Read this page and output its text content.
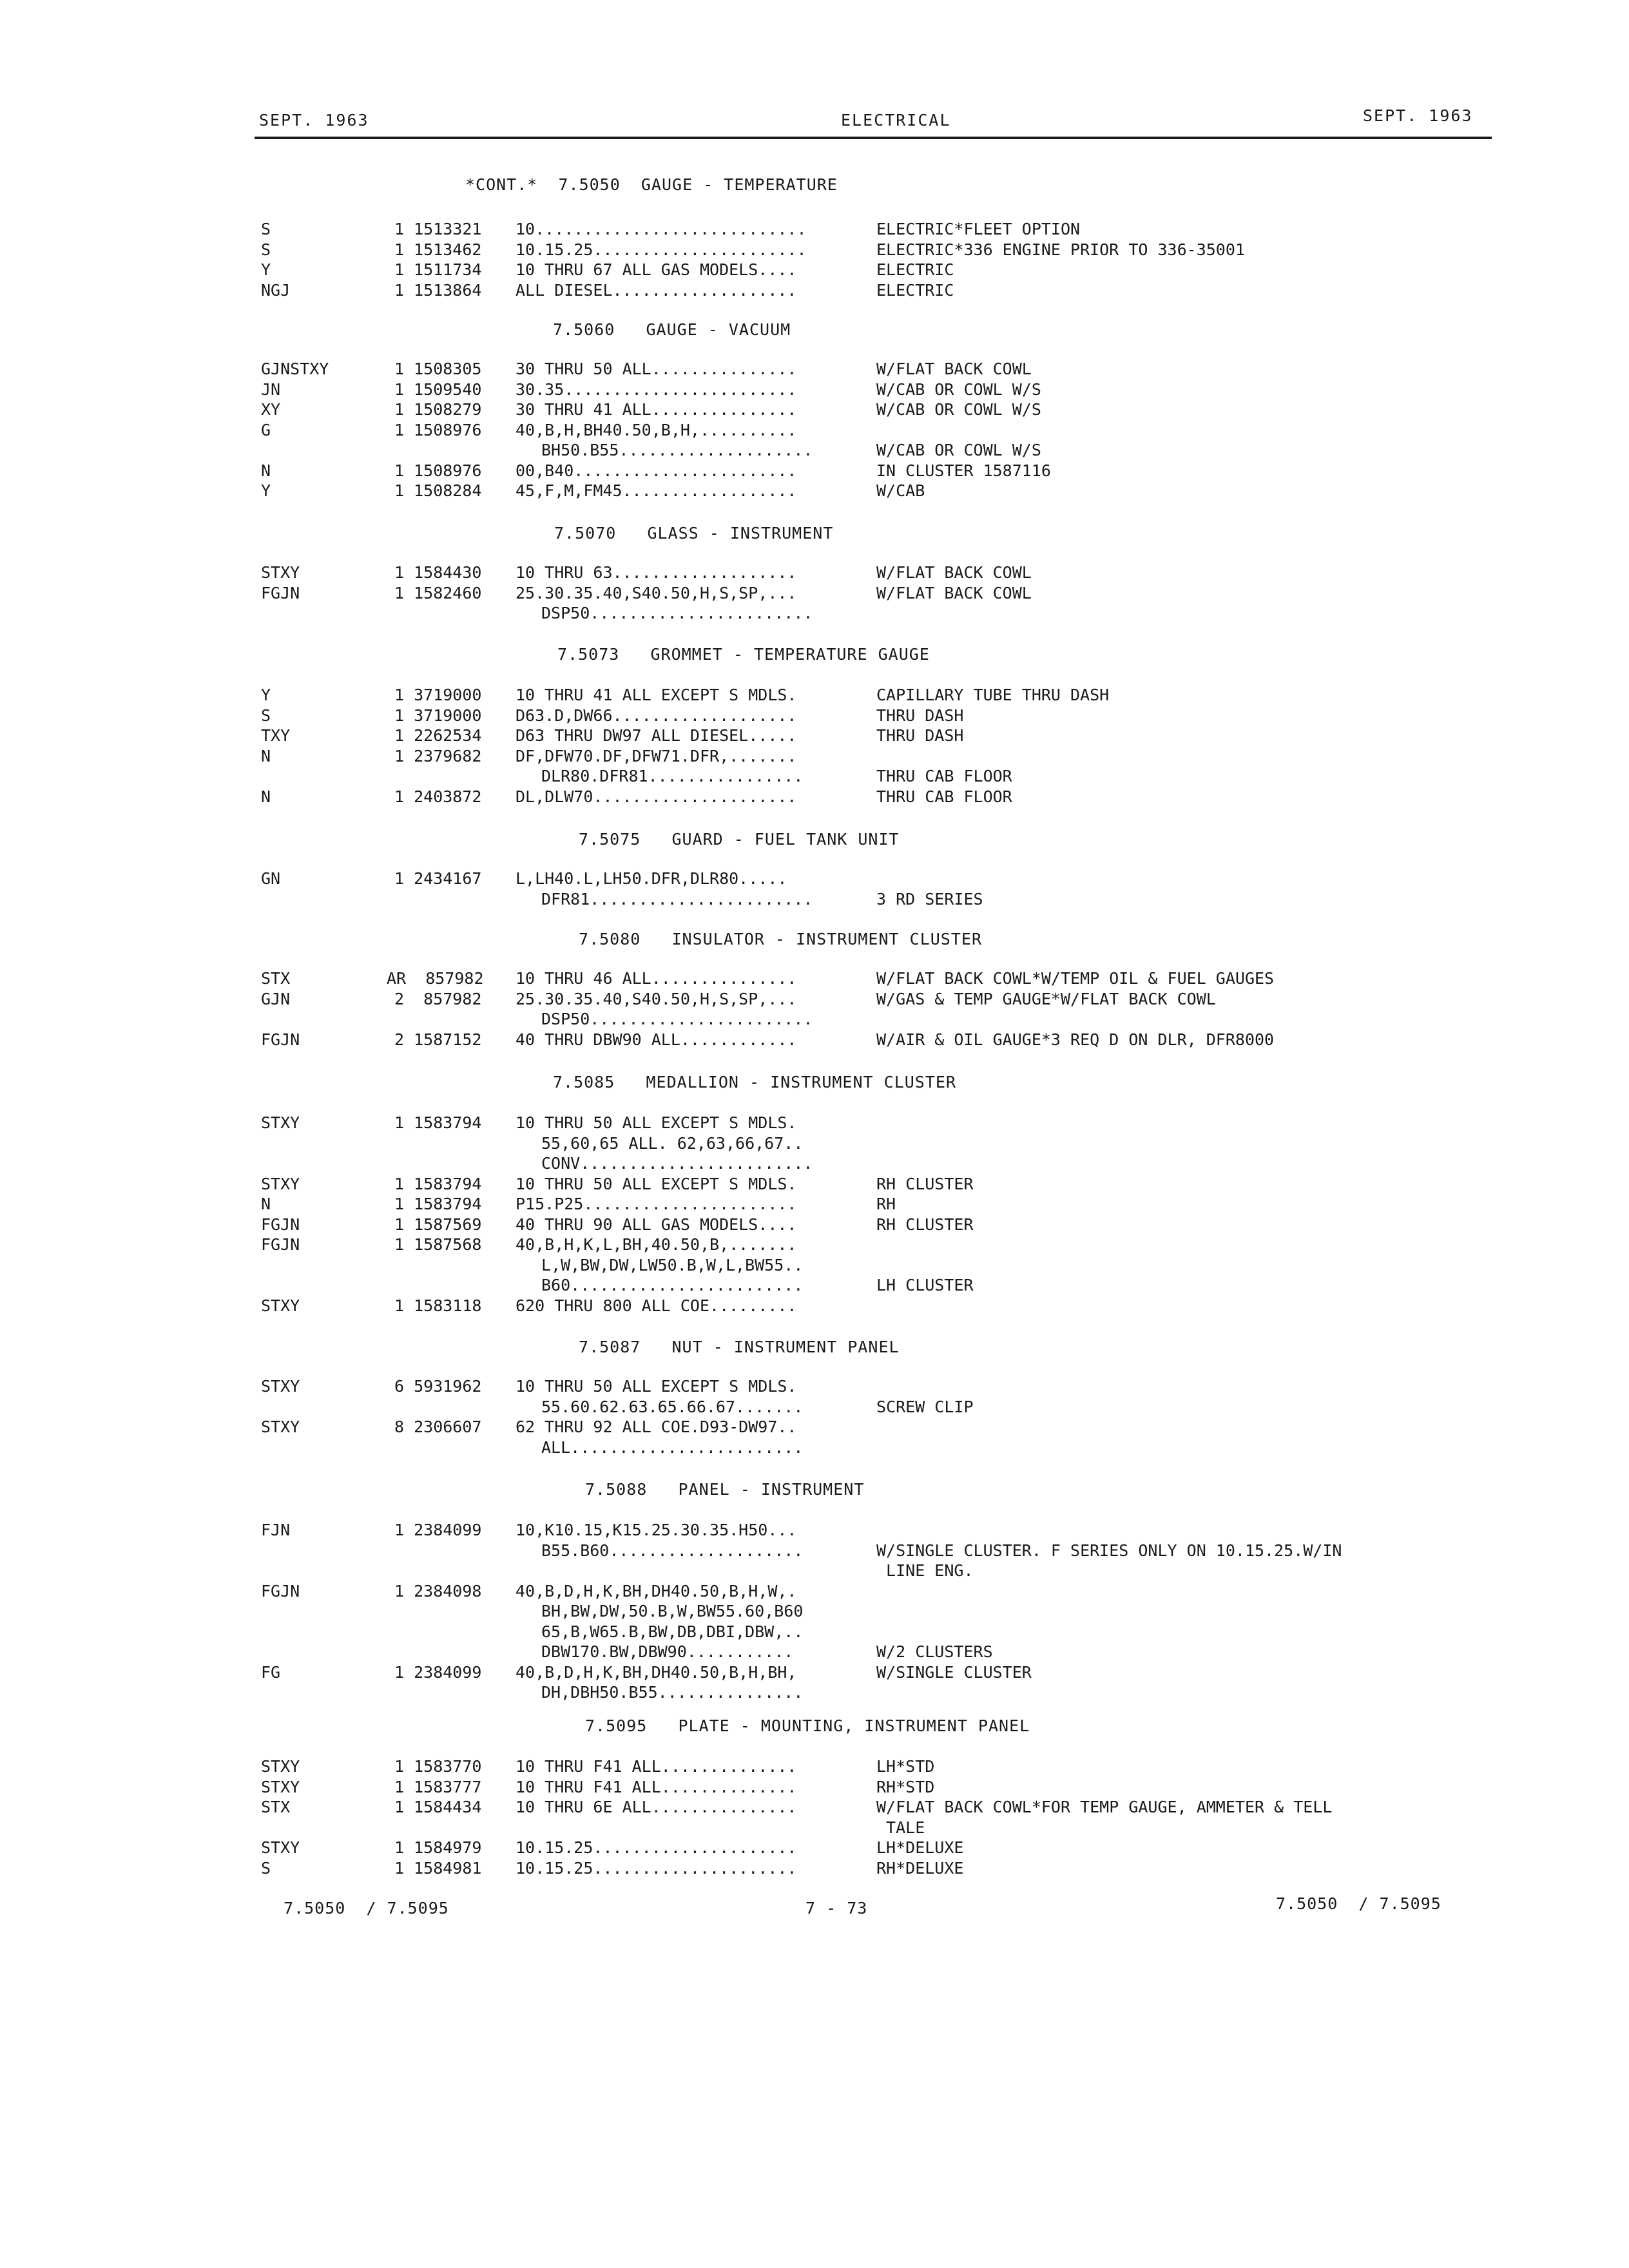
SEPT. 1963	ELECTRICAL	SEPT. 1963
*CONT.*  7.5050  GAUGE - TEMPERATURE
S	1 1513321 10............................	ELECTRIC*FLEET OPTION
S	1 1513462 10.15.25......................	ELECTRIC*336 ENGINE PRIOR TO 336-35001
Y	1 1511734 10 THRU 67 ALL GAS MODELS....	ELECTRIC
NGJ	1 1513864 ALL DIESEL...................	ELECTRIC
7.5060   GAUGE - VACUUM
GJNSTXY	1 1508305 30 THRU 50 ALL...............	W/FLAT BACK COWL
JN	1 1509540 30.35........................	W/CAB OR COWL W/S
XY	1 1508279 30 THRU 41 ALL...............	W/CAB OR COWL W/S
G	1 1508976 40,B,H,BH40.50,B,H,..........
BH50.B55....................	W/CAB OR COWL W/S
N	1 1508976 00,B40.......................	IN CLUSTER 1587116
Y	1 1508284 45,F,M,FM45..................	W/CAB
7.5070   GLASS - INSTRUMENT
STXY	1 1584430 10 THRU 63...................	W/FLAT BACK COWL
FGJN	1 1582460 25.30.35.40,S40.50,H,S,SP,...	W/FLAT BACK COWL
DSP50.......................
7.5073   GROMMET - TEMPERATURE GAUGE
Y	1 3719000 10 THRU 41 ALL EXCEPT S MDLS.	CAPILLARY TUBE THRU DASH
S	1 3719000 D63.D,DW66...................	THRU DASH
TXY	1 2262534 D63 THRU DW97 ALL DIESEL.....	THRU DASH
N	1 2379682 DF,DFW70.DF,DFW71.DFR,.......
DLR80.DFR81................	THRU CAB FLOOR
N	1 2403872 DL,DLW70.....................	THRU CAB FLOOR
7.5075   GUARD - FUEL TANK UNIT
GN	1 2434167 L,LH40.L,LH50.DFR,DLR80.....
DFR81.......................	3 RD SERIES
7.5080   INSULATOR - INSTRUMENT CLUSTER
STX	AR  857982 10 THRU 46 ALL...............	W/FLAT BACK COWL*W/TEMP OIL & FUEL GAUGES
GJN	2  857982 25.30.35.40,S40.50,H,S,SP,...	W/GAS & TEMP GAUGE*W/FLAT BACK COWL
DSP50.......................
FGJN	2 1587152 40 THRU DBW90 ALL............	W/AIR & OIL GAUGE*3 REQ D ON DLR, DFR8000
7.5085   MEDALLION - INSTRUMENT CLUSTER
STXY	1 1583794 10 THRU 50 ALL EXCEPT S MDLS.
55,60,65 ALL. 62,63,66,67..
CONV........................
STXY	1 1583794 10 THRU 50 ALL EXCEPT S MDLS.	RH CLUSTER
N	1 1583794 P15.P25......................	RH
FGJN	1 1587569 40 THRU 90 ALL GAS MODELS....	RH CLUSTER
FGJN	1 1587568 40,B,H,K,L,BH,40.50,B,.......
L,W,BW,DW,LW50.B,W,L,BW55..
B60........................	LH CLUSTER
STXY	1 1583118 620 THRU 800 ALL COE.........
7.5087   NUT - INSTRUMENT PANEL
STXY	6 5931962 10 THRU 50 ALL EXCEPT S MDLS.
55.60.62.63.65.66.67.......	SCREW CLIP
STXY	8 2306607 62 THRU 92 ALL COE.D93-DW97..
ALL........................
7.5088   PANEL - INSTRUMENT
FJN	1 2384099 10,K10.15,K15.25.30.35.H50...
B55.B60....................	W/SINGLE CLUSTER. F SERIES ONLY ON 10.15.25.W/IN
LINE ENG.
FGJN	1 2384098 40,B,D,H,K,BH,DH40.50,B,H,W,.
BH,BW,DW,50.B,W,BW55.60,B60
65,B,W65.B,BW,DB,DBI,DBW,..
DBW170.BW,DBW90...........	W/2 CLUSTERS
FG	1 2384099 40,B,D,H,K,BH,DH40.50,B,H,BH,	W/SINGLE CLUSTER
DH,DBH50.B55...............
7.5095   PLATE - MOUNTING, INSTRUMENT PANEL
STXY	1 1583770 10 THRU F41 ALL..............	LH*STD
STXY	1 1583777 10 THRU F41 ALL..............	RH*STD
STX	1 1584434 10 THRU 6E ALL...............	W/FLAT BACK COWL*FOR TEMP GAUGE, AMMETER & TELL
TALE
STXY	1 1584979 10.15.25.....................	LH*DELUXE
S	1 1584981 10.15.25.....................	RH*DELUXE
7.5050  / 7.5095	7 - 73	7.5050  / 7.5095
